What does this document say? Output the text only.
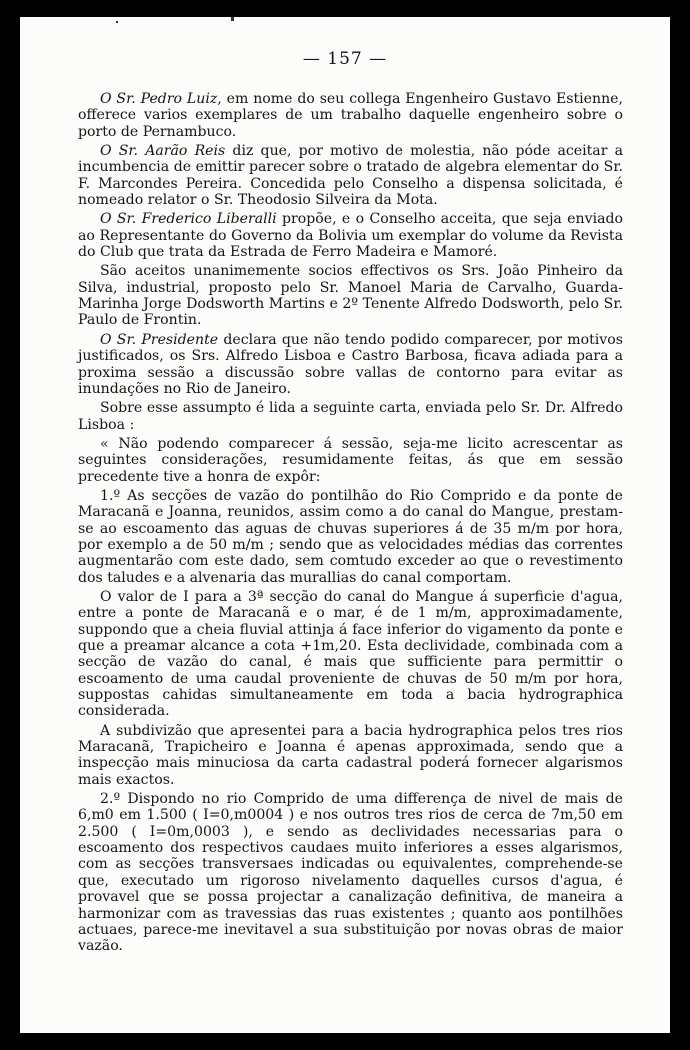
— 157 —

O Sr. Pedro Luiz, em nome do seu collega Engenheiro Gustavo Estienne, offerece varios exemplares de um trabalho daquelle engenheiro sobre o porto de Pernambuco.

O Sr. Aarão Reis diz que, por motivo de molestia, não póde aceitar a incumbencia de emittir parecer sobre o tratado de algebra elementar do Sr. F. Marcondes Pereira. Concedida pelo Conselho a dispensa solicitada, é nomeado relator o Sr. Theodosio Silveira da Mota.

O Sr. Frederico Liberalli propõe, e o Conselho acceita, que seja enviado ao Representante do Governo da Bolivia um exemplar do volume da Revista do Club que trata da Estrada de Ferro Madeira e Mamoré.

São aceitos unanimemente socios effectivos os Srs. João Pinheiro da Silva, industrial, proposto pelo Sr. Manoel Maria de Carvalho, Guarda-Marinha Jorge Dodsworth Martins e 2º Tenente Alfredo Dodsworth, pelo Sr. Paulo de Frontin.

O Sr. Presidente declara que não tendo podido comparecer, por motivos justificados, os Srs. Alfredo Lisboa e Castro Barbosa, ficava adiada para a proxima sessão a discussão sobre vallas de contorno para evitar as inundações no Rio de Janeiro.

Sobre esse assumpto é lida a seguinte carta, enviada pelo Sr. Dr. Alfredo Lisboa :

« Não podendo comparecer á sessão, seja-me licito acrescentar as seguintes considerações, resumidamente feitas, ás que em sessão precedente tive a honra de expôr:

1.º As secções de vazão do pontilhão do Rio Comprido e da ponte de Maracanã e Joanna, reunidos, assim como a do canal do Mangue, prestam-se ao escoamento das aguas de chuvas superiores á de 35 m/m por hora, por exemplo a de 50 m/m ; sendo que as velocidades médias das correntes augmentarão com este dado, sem comtudo exceder ao que o revestimento dos taludes e a alvenaria das murallias do canal comportam.

O valor de I para a 3ª secção do canal do Mangue á superficie d'agua, entre a ponte de Maracanã e o mar, é de 1 m/m, approximadamente, suppondo que a cheia fluvial attinja á face inferior do vigamento da ponte e que a preamar alcance a cota +1m,20. Esta declividade, combinada com a secção de vazão do canal, é mais que sufficiente para permittir o escoamento de uma caudal proveniente de chuvas de 50 m/m por hora, suppostas cahidas simultaneamente em toda a bacia hydrographica considerada.

A subdivizão que apresentei para a bacia hydrographica pelos tres rios Maracanã, Trapicheiro e Joanna é apenas approximada, sendo que a inspecção mais minuciosa da carta cadastral poderá fornecer algarismos mais exactos.

2.º Dispondo no rio Comprido de uma differença de nivel de mais de 6,m0 em 1.500 ( I=0,m0004 ) e nos outros tres rios de cerca de 7m,50 em 2.500 ( I=0m,0003 ), e sendo as declividades necessarias para o escoamento dos respectivos caudaes muito inferiores a esses algarismos, com as secções transversaes indicadas ou equivalentes, comprehende-se que, executado um rigoroso nivelamento daquelles cursos d'agua, é provavel que se possa projectar a canalização definitiva, de maneira a harmonizar com as travessias das ruas existentes ; quanto aos pontilhões actuaes, parece-me inevitavel a sua substituição por novas obras de maior vazão.
